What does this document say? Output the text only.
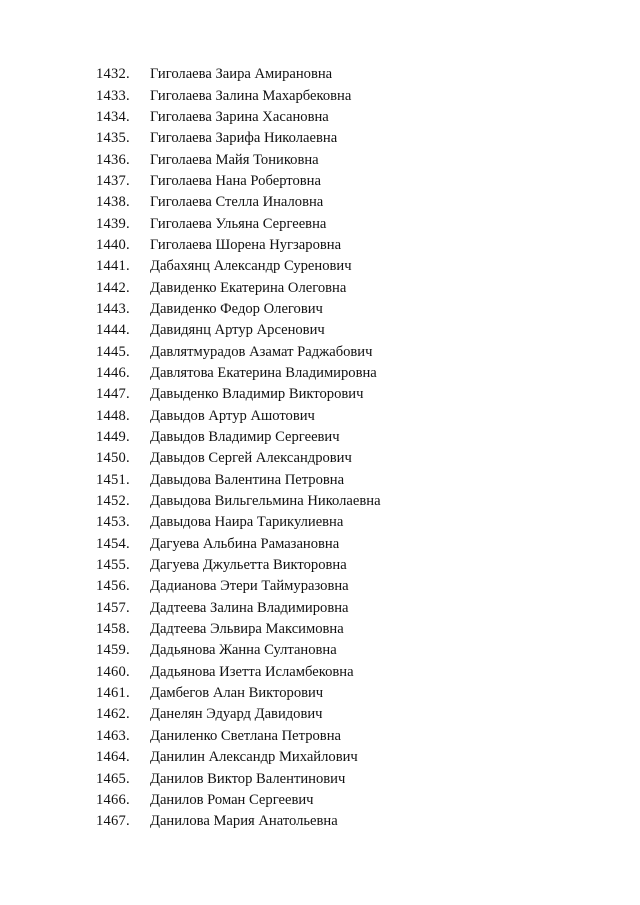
1432.	Гиголаева Заира Амирановна
1433.	Гиголаева Залина Махарбековна
1434.	Гиголаева Зарина Хасановна
1435.	Гиголаева Зарифа Николаевна
1436.	Гиголаева Майя Тониковна
1437.	Гиголаева Нана Робертовна
1438.	Гиголаева Стелла Иналовна
1439.	Гиголаева Ульяна Сергеевна
1440.	Гиголаева Шорена Нугзаровна
1441.	Дабахянц Александр Суренович
1442.	Давиденко Екатерина Олеговна
1443.	Давиденко Федор Олегович
1444.	Давидянц Артур Арсенович
1445.	Давлятмурадов Азамат Раджабович
1446.	Давлятова Екатерина Владимировна
1447.	Давыденко Владимир Викторович
1448.	Давыдов Артур Ашотович
1449.	Давыдов Владимир Сергеевич
1450.	Давыдов Сергей Александрович
1451.	Давыдова Валентина Петровна
1452.	Давыдова Вильгельмина Николаевна
1453.	Давыдова Наира Тарикулиевна
1454.	Дагуева Альбина Рамазановна
1455.	Дагуева Джульетта Викторовна
1456.	Дадианова Этери Таймуразовна
1457.	Дадтеева Залина Владимировна
1458.	Дадтеева Эльвира Максимовна
1459.	Дадьянова Жанна Султановна
1460.	Дадьянова Изетта Исламбековна
1461.	Дамбегов Алан Викторович
1462.	Данелян Эдуард Давидович
1463.	Даниленко Светлана Петровна
1464.	Данилин Александр Михайлович
1465.	Данилов Виктор Валентинович
1466.	Данилов Роман Сергеевич
1467.	Данилова Мария Анатольевна
